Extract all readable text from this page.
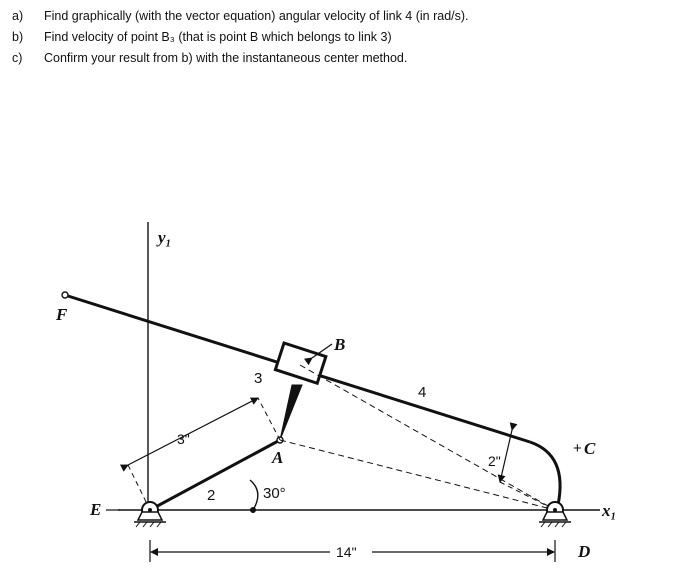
a) Find graphically (with the vector equation) angular velocity of link 4 (in rad/s).
b) Find velocity of point B₃ (that is point B which belongs to link 3)
c) Confirm your result from b) with the instantaneous center method.
y₁
x₁
F
2
3
B
4
A
3"
2"
+ C
30°
E
D
14"
